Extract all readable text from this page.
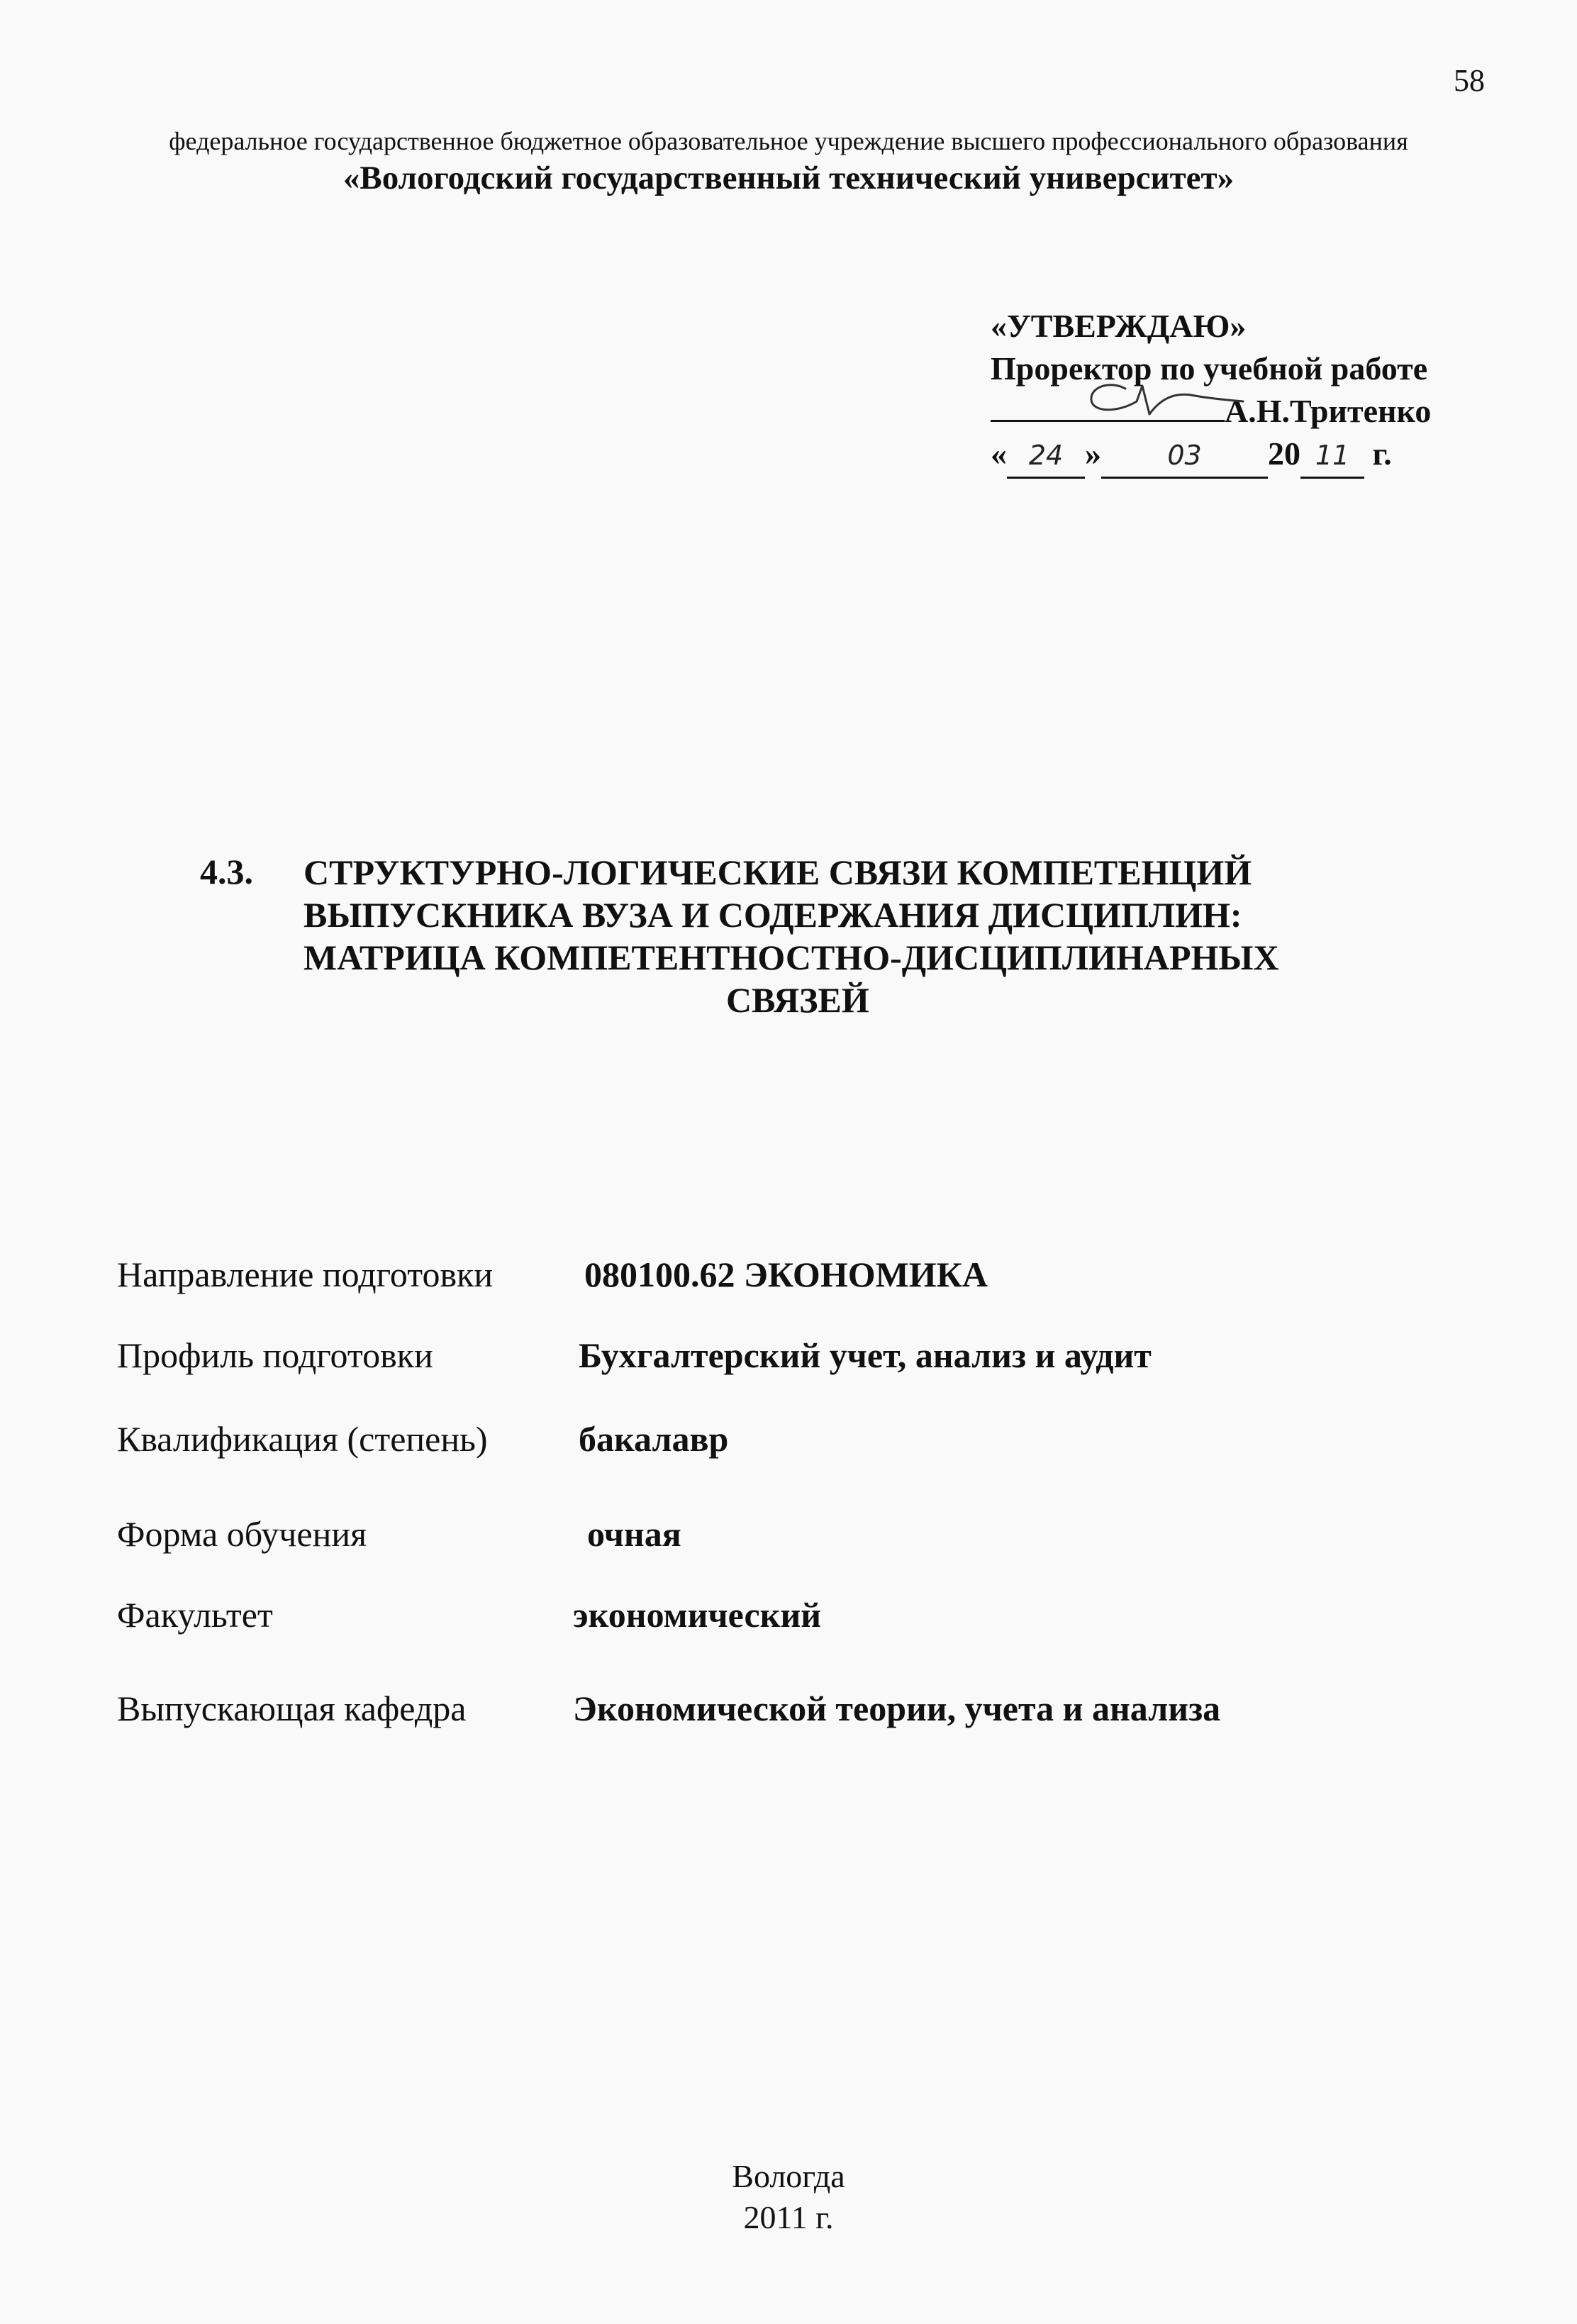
58
федеральное государственное бюджетное образовательное учреждение высшего профессионального образования
«Вологодский государственный технический университет»
«УТВЕРЖДАЮ»
Проректор по учебной работе
А.Н.Тритенко
« 24 » 03 20 11 г.
4.3. СТРУКТУРНО-ЛОГИЧЕСКИЕ СВЯЗИ КОМПЕТЕНЦИЙ
ВЫПУСКНИКА ВУЗА И СОДЕРЖАНИЯ ДИСЦИПЛИН:
МАТРИЦА КОМПЕТЕНТНОСТНО-ДИСЦИПЛИНАРНЫХ
СВЯЗЕЙ
Направление подготовки	080100.62 ЭКОНОМИКА
Профиль подготовки	Бухгалтерский учет, анализ и аудит
Квалификация (степень)	бакалавр
Форма обучения	очная
Факультет	экономический
Выпускающая кафедра	Экономической теории, учета и анализа
Вологда
2011 г.
